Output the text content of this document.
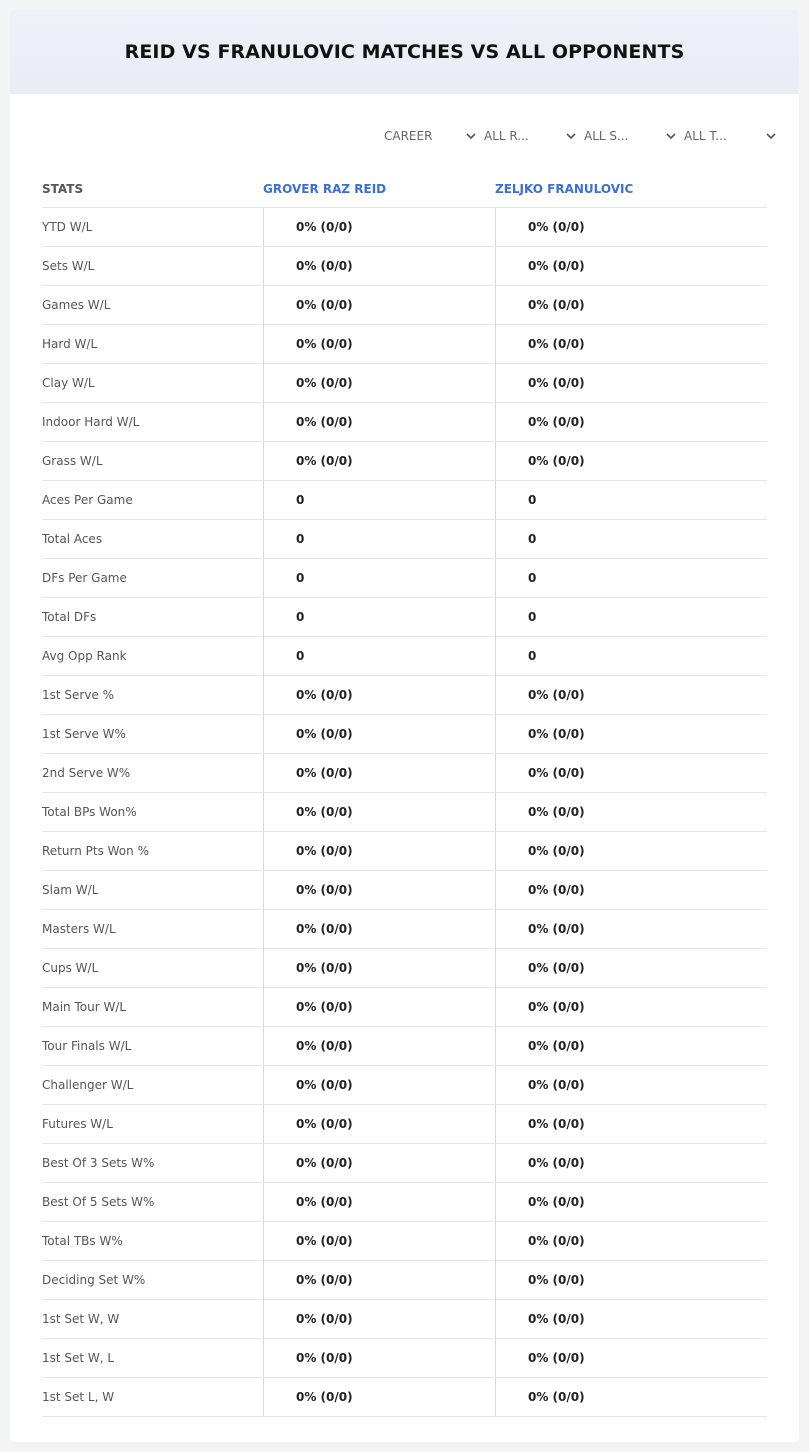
REID VS FRANULOVIC MATCHES VS ALL OPPONENTS
CAREER	ALL R...	ALL S...	ALL T...
STATS	GROVER RAZ REID	ZELJKO FRANULOVIC
YTD W/L	0% (0/0)	0% (0/0)
Sets W/L	0% (0/0)	0% (0/0)
Games W/L	0% (0/0)	0% (0/0)
Hard W/L	0% (0/0)	0% (0/0)
Clay W/L	0% (0/0)	0% (0/0)
Indoor Hard W/L	0% (0/0)	0% (0/0)
Grass W/L	0% (0/0)	0% (0/0)
Aces Per Game	0	0
Total Aces	0	0
DFs Per Game	0	0
Total DFs	0	0
Avg Opp Rank	0	0
1st Serve %	0% (0/0)	0% (0/0)
1st Serve W%	0% (0/0)	0% (0/0)
2nd Serve W%	0% (0/0)	0% (0/0)
Total BPs Won%	0% (0/0)	0% (0/0)
Return Pts Won %	0% (0/0)	0% (0/0)
Slam W/L	0% (0/0)	0% (0/0)
Masters W/L	0% (0/0)	0% (0/0)
Cups W/L	0% (0/0)	0% (0/0)
Main Tour W/L	0% (0/0)	0% (0/0)
Tour Finals W/L	0% (0/0)	0% (0/0)
Challenger W/L	0% (0/0)	0% (0/0)
Futures W/L	0% (0/0)	0% (0/0)
Best Of 3 Sets W%	0% (0/0)	0% (0/0)
Best Of 5 Sets W%	0% (0/0)	0% (0/0)
Total TBs W%	0% (0/0)	0% (0/0)
Deciding Set W%	0% (0/0)	0% (0/0)
1st Set W, W	0% (0/0)	0% (0/0)
1st Set W, L	0% (0/0)	0% (0/0)
1st Set L, W	0% (0/0)	0% (0/0)
